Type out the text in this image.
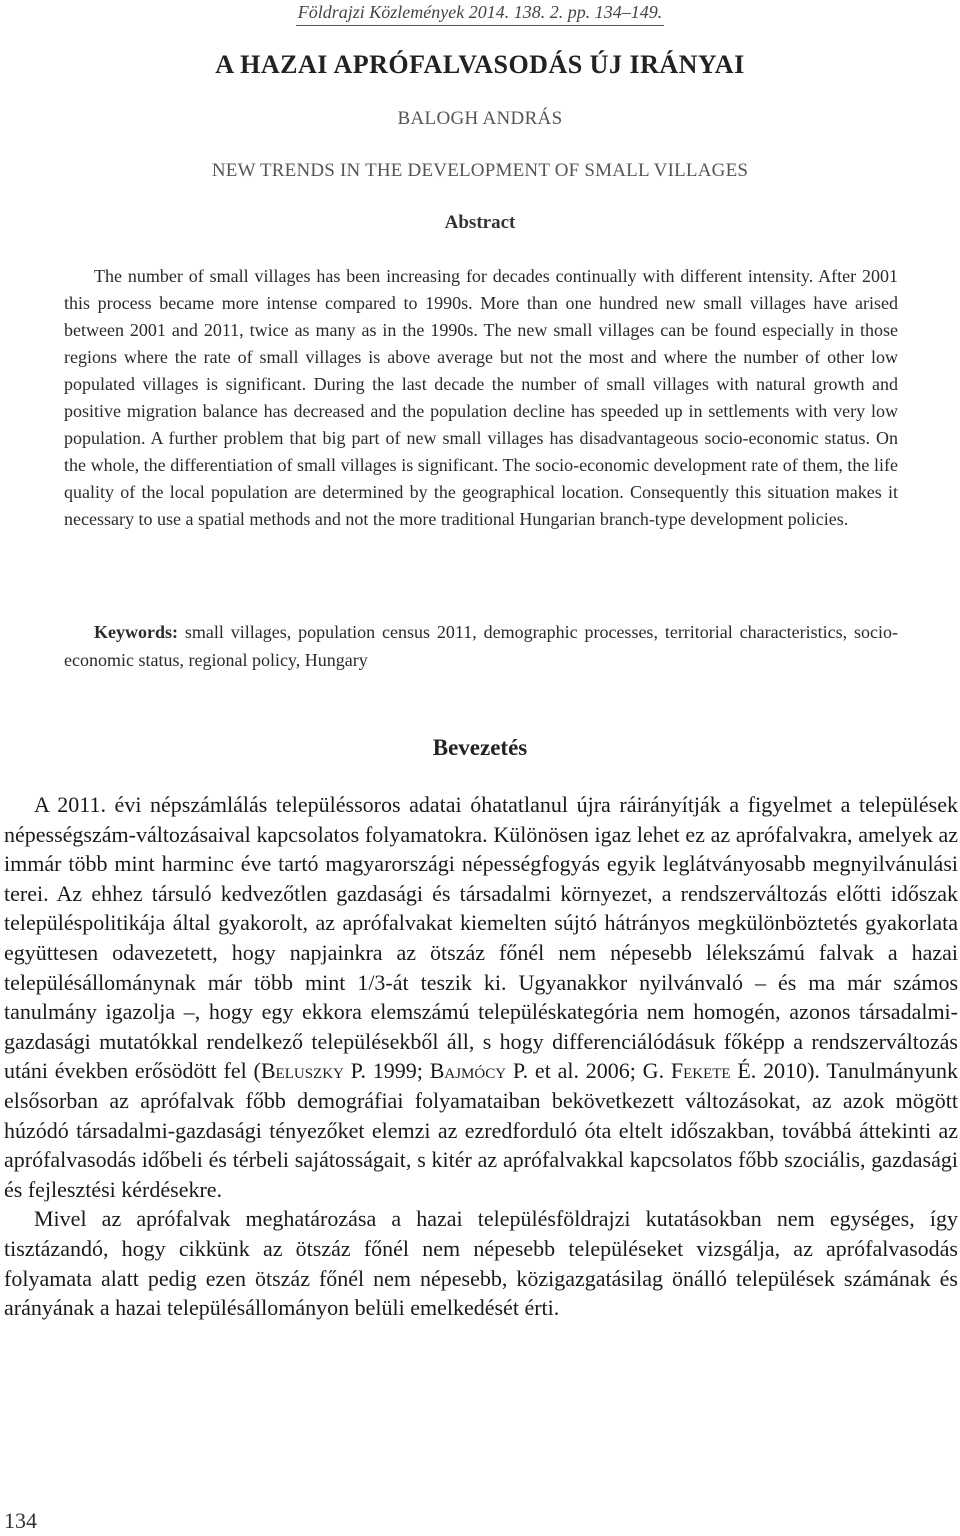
Földrajzi Közlemények 2014. 138. 2. pp. 134–149.
A HAZAI APRÓFALVASODÁS ÚJ IRÁNYAI
BALOGH ANDRÁS
NEW TRENDS IN THE DEVELOPMENT OF SMALL VILLAGES
Abstract
The number of small villages has been increasing for decades continually with different intensity. After 2001 this process became more intense compared to 1990s. More than one hundred new small villages have arised between 2001 and 2011, twice as many as in the 1990s. The new small villages can be found especially in those regions where the rate of small villages is above average but not the most and where the number of other low populated villages is significant. During the last decade the number of small villages with natural growth and positive migration balance has decreased and the population decline has speeded up in settlements with very low population. A further problem that big part of new small villages has disadvantageous socio-economic status. On the whole, the differentiation of small villages is significant. The socio-economic development rate of them, the life quality of the local population are determined by the geographical location. Consequently this situation makes it necessary to use a spatial methods and not the more traditional Hungarian branch-type development policies.
Keywords: small villages, population census 2011, demographic processes, territorial characteristics, socio-economic status, regional policy, Hungary
Bevezetés

A 2011. évi népszámlálás településsoros adatai óhatatlanul újra ráirányítják a figyelmet a települések népességszám-változásaival kapcsolatos folyamatokra. Különösen igaz lehet ez az aprófalvakra, amelyek az immár több mint harminc éve tartó magyarországi népességfogyás egyik leglátványosabb megnyilvánulási terei. Az ehhez társuló kedvezőtlen gazdasági és társadalmi környezet, a rendszerváltozás előtti időszak településpolitikája által gyakorolt, az aprófalvakat kiemelten sújtó hátrányos megkülönböztetés gyakorlata együttesen odavezetett, hogy napjainkra az ötszáz főnél nem népesebb lélekszámú falvak a hazai településállománynak már több mint 1/3-át teszik ki. Ugyanakkor nyilvánvaló – és ma már számos tanulmány igazolja –, hogy egy ekkora elemszámú településkategória nem homogén, azonos társadalmi-gazdasági mutatókkal rendelkező településekből áll, s hogy differenciálódásuk főképp a rendszerváltozás utáni években erősödött fel (Beluszky P. 1999; Bajmócy P. et al. 2006; G. Fekete É. 2010). Tanulmányunk elsősorban az aprófalvak főbb demográfiai folyamataiban bekövetkezett változásokat, az azok mögött húzódó társadalmi-gazdasági tényezőket elemzi az ezredforduló óta eltelt időszakban, továbbá áttekinti az aprófalvasodás időbeli és térbeli sajátosságait, s kitér az aprófalvakkal kapcsolatos főbb szociális, gazdasági és fejlesztési kérdésekre.

Mivel az aprófalvak meghatározása a hazai településföldrajzi kutatásokban nem egységes, így tisztázandó, hogy cikkünk az ötszáz főnél nem népesebb településeket vizsgálja, az aprófalvasodás folyamata alatt pedig ezen ötszáz főnél nem népesebb, közigazgatásilag önálló települések számának és arányának a hazai településállományon belüli emelkedését érti.

134
